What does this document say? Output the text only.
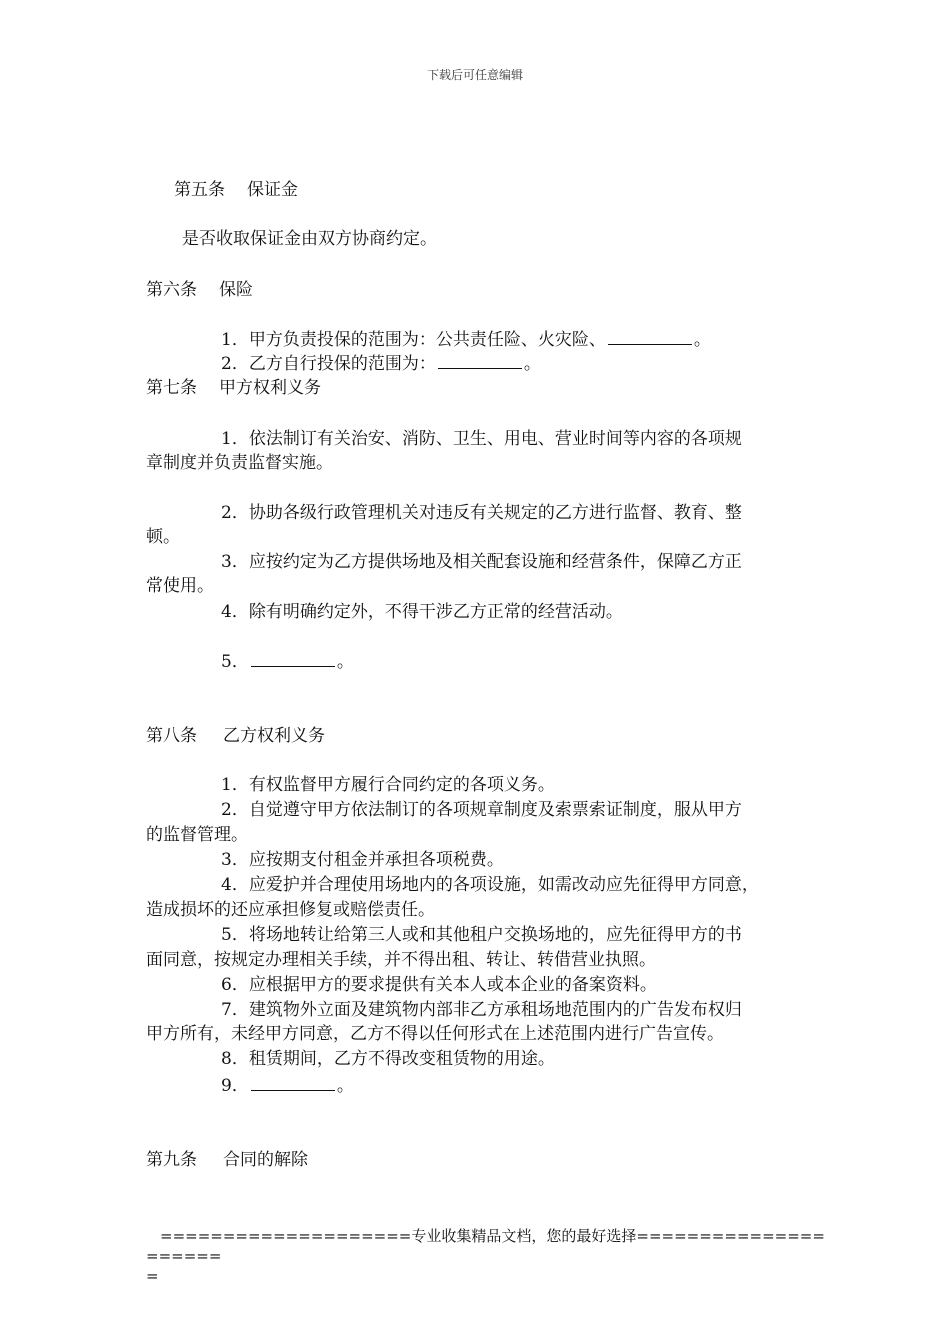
下载后可任意编辑
第五条 保证金
是否收取保证金由双方协商约定。
第六条 保险
1．甲方负责投保的范围为：公共责任险、火灾险、	。
2．乙方自行投保的范围为：	。
第七条 甲方权利义务
1．依法制订有关治安、消防、卫生、用电、营业时间等内容的各项规
章制度并负责监督实施。
2．协助各级行政管理机关对违反有关规定的乙方进行监督、教育、整
顿。
3．应按约定为乙方提供场地及相关配套设施和经营条件，保障乙方正
常使用。
4．除有明确约定外，不得干涉乙方正常的经营活动。
5．	。
第八条 乙方权利义务
1．有权监督甲方履行合同约定的各项义务。
2．自觉遵守甲方依法制订的各项规章制度及索票索证制度，服从甲方
的监督管理。
3．应按期支付租金并承担各项税费。
4．应爱护并合理使用场地内的各项设施，如需改动应先征得甲方同意，
造成损坏的还应承担修复或赔偿责任。
5．将场地转让给第三人或和其他租户交换场地的，应先征得甲方的书
面同意，按规定办理相关手续，并不得出租、转让、转借营业执照。
6．应根据甲方的要求提供有关本人或本企业的备案资料。
7．建筑物外立面及建筑物内部非乙方承租场地范围内的广告发布权归
甲方所有，未经甲方同意，乙方不得以任何形式在上述范围内进行广告宣传。
8．租赁期间，乙方不得改变租赁物的用途。
9．	。
第九条 合同的解除
====================专业收集精品文档，您的最好选择=====================
=
